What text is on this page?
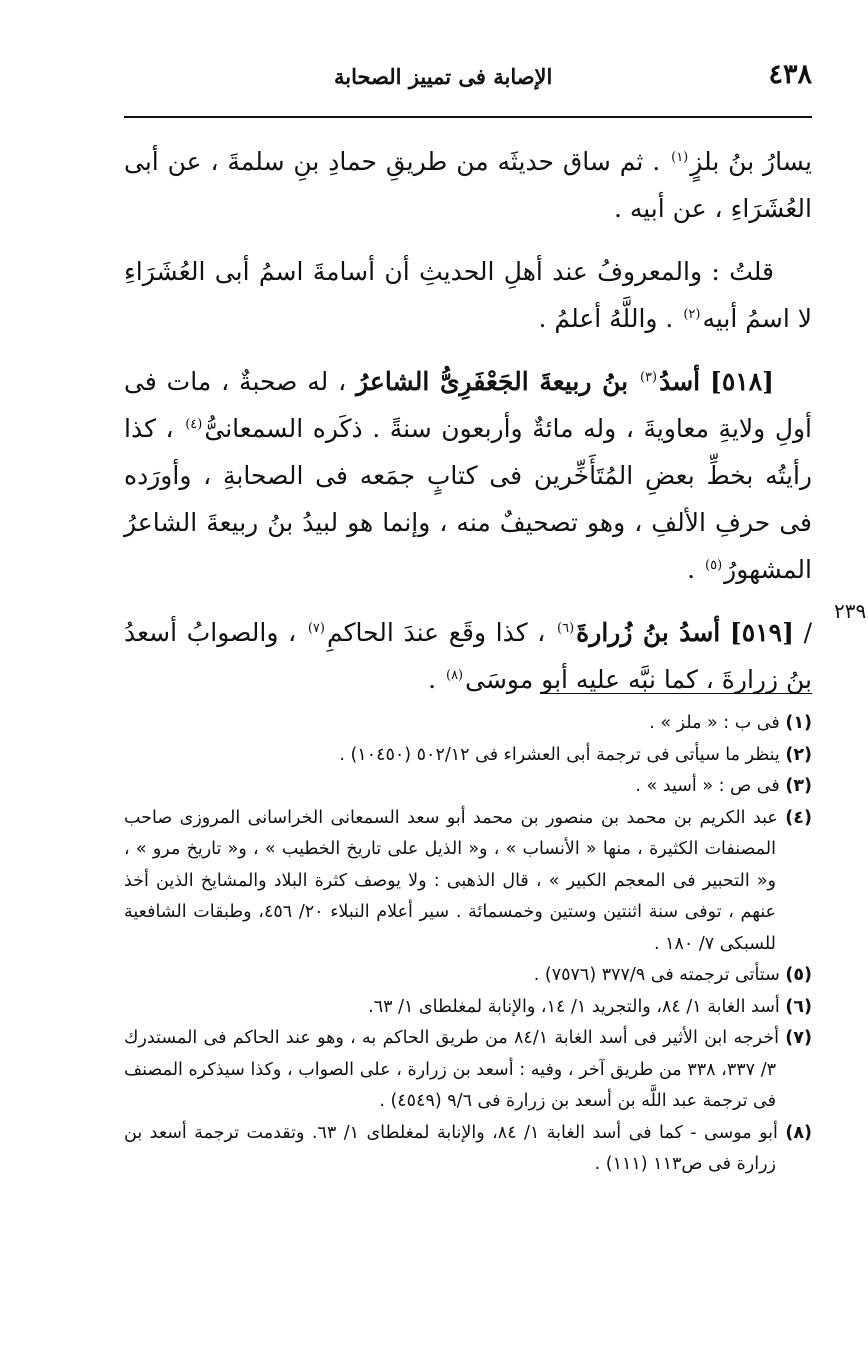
٤٣٨
الإصابة فى تمييز الصحابة
٢٣٩

يسارُ بنُ بلزٍ$^{(١)}$ . ثم ساق حديثَه من طريقِ حمادِ بنِ سلمةَ ، عن أبى العُشَرَاءِ ، عن أبيه .

قلتُ : والمعروفُ عند أهلِ الحديثِ أن أسامةَ اسمُ أبى العُشَرَاءِ لا اسمُ أبيه$^{(٢)}$ . واللَّهُ أعلمُ .

[٥١٨] أسدُ$^{(٣)}$ بنُ ربيعةَ الجَعْفَرِىُّ الشاعرُ ، له صحبةٌ ، مات فى أولِ ولايةِ معاويةَ ، وله مائةٌ وأربعون سنةً . ذكَره السمعانىُّ$^{(٤)}$ ، كذا رأيتُه بخطِّ بعضِ المُتَأَخِّرين فى كتابٍ جمَعه فى الصحابةِ ، وأورَده فى حرفِ الألفِ ، وهو تصحيفٌ منه ، وإنما هو لبيدُ بنُ ربيعةَ الشاعرُ المشهورُ$^{(٥)}$ .

/ [٥١٩] أسدُ بنُ زُرارةَ$^{(٦)}$ ، كذا وقَع عندَ الحاكمِ$^{(٧)}$ ، والصوابُ أسعدُ بنُ زرارةَ ، كما نبَّه عليه أبو موسَى$^{(٨)}$ .

(١) فى ب : « ملز » .

(٢) ينظر ما سيأتى فى ترجمة أبى العشراء فى ٥٠٢/١٢ (١٠٤٥٠) .

(٣) فى ص : « أسيد » .

(٤) عبد الكريم بن محمد بن منصور بن محمد أبو سعد السمعانى الخراسانى المروزى صاحب المصنفات الكثيرة ، منها « الأنساب » ، و« الذيل على تاريخ الخطيب » ، و« تاريخ مرو » ، و« التحبير فى المعجم الكبير » ، قال الذهبى : ولا يوصف كثرة البلاد والمشايخ الذين أخذ عنهم ، توفى سنة اثنتين وستين وخمسمائة . سير أعلام النبلاء ٢٠/ ٤٥٦، وطبقات الشافعية للسبكى ٧/ ١٨٠ .

(٥) ستأتى ترجمته فى ٣٧٧/٩ (٧٥٧٦) .

(٦) أسد الغابة ١/ ٨٤، والتجريد ١/ ١٤، والإنابة لمغلطاى ١/ ٦٣.

(٧) أخرجه ابن الأثير فى أسد الغابة ٨٤/١ من طريق الحاكم به ، وهو عند الحاكم فى المستدرك ٣/ ٣٣٧، ٣٣٨ من طريق آخر ، وفيه : أسعد بن زرارة ، على الصواب ، وكذا سيذكره المصنف فى ترجمة عبد اللَّه بن أسعد بن زرارة فى ٩/٦ (٤٥٤٩) .

(٨) أبو موسى - كما فى أسد الغابة ١/ ٨٤، والإنابة لمغلطاى ١/ ٦٣. وتقدمت ترجمة أسعد بن زرارة فى ص١١٣ (١١١) .
